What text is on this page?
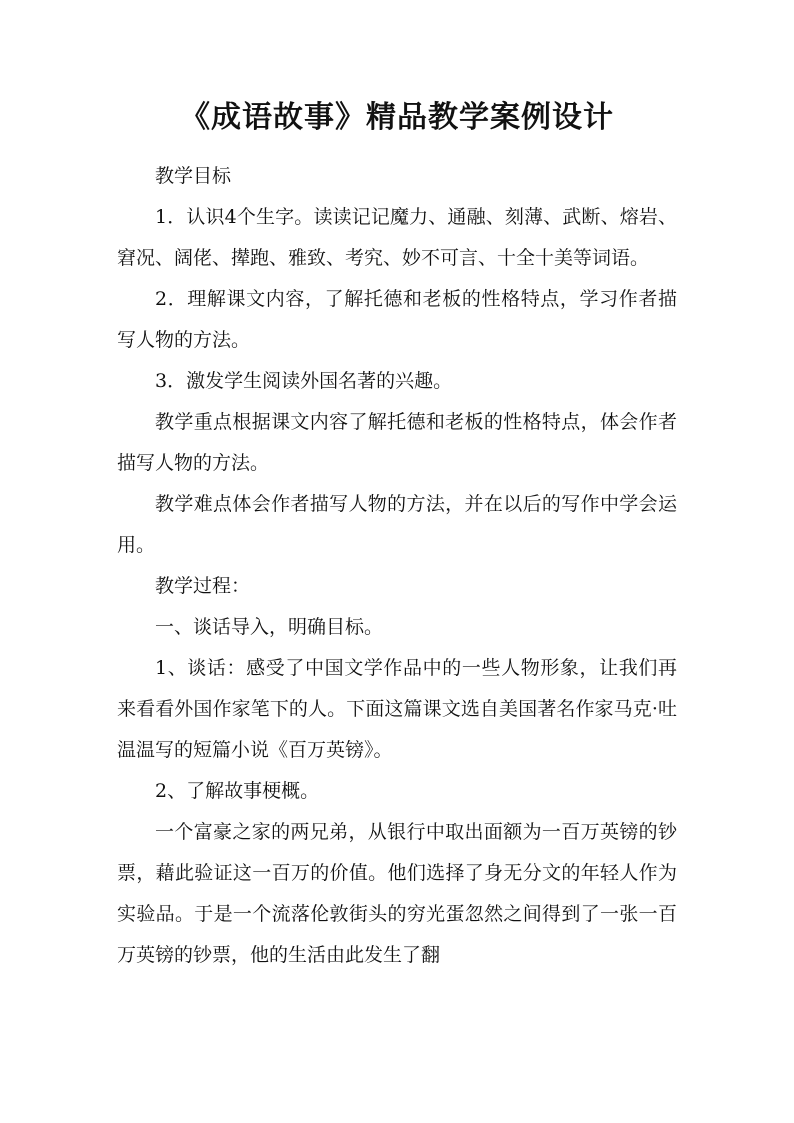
《成语故事》精品教学案例设计

教学目标

1．认识4个生字。读读记记魔力、通融、刻薄、武断、熔岩、窘况、阔佬、撵跑、雅致、考究、妙不可言、十全十美等词语。

2．理解课文内容，了解托德和老板的性格特点，学习作者描写人物的方法。

3．激发学生阅读外国名著的兴趣。

教学重点根据课文内容了解托德和老板的性格特点，体会作者描写人物的方法。

教学难点体会作者描写人物的方法，并在以后的写作中学会运用。

教学过程：

一、谈话导入，明确目标。

1、谈话：感受了中国文学作品中的一些人物形象，让我们再来看看外国作家笔下的人。下面这篇课文选自美国著名作家马克·吐温温写的短篇小说《百万英镑》。

2、了解故事梗概。

一个富豪之家的两兄弟，从银行中取出面额为一百万英镑的钞票，藉此验证这一百万的价值。他们选择了身无分文的年轻人作为实验品。于是一个流落伦敦街头的穷光蛋忽然之间得到了一张一百万英镑的钞票，他的生活由此发生了翻
